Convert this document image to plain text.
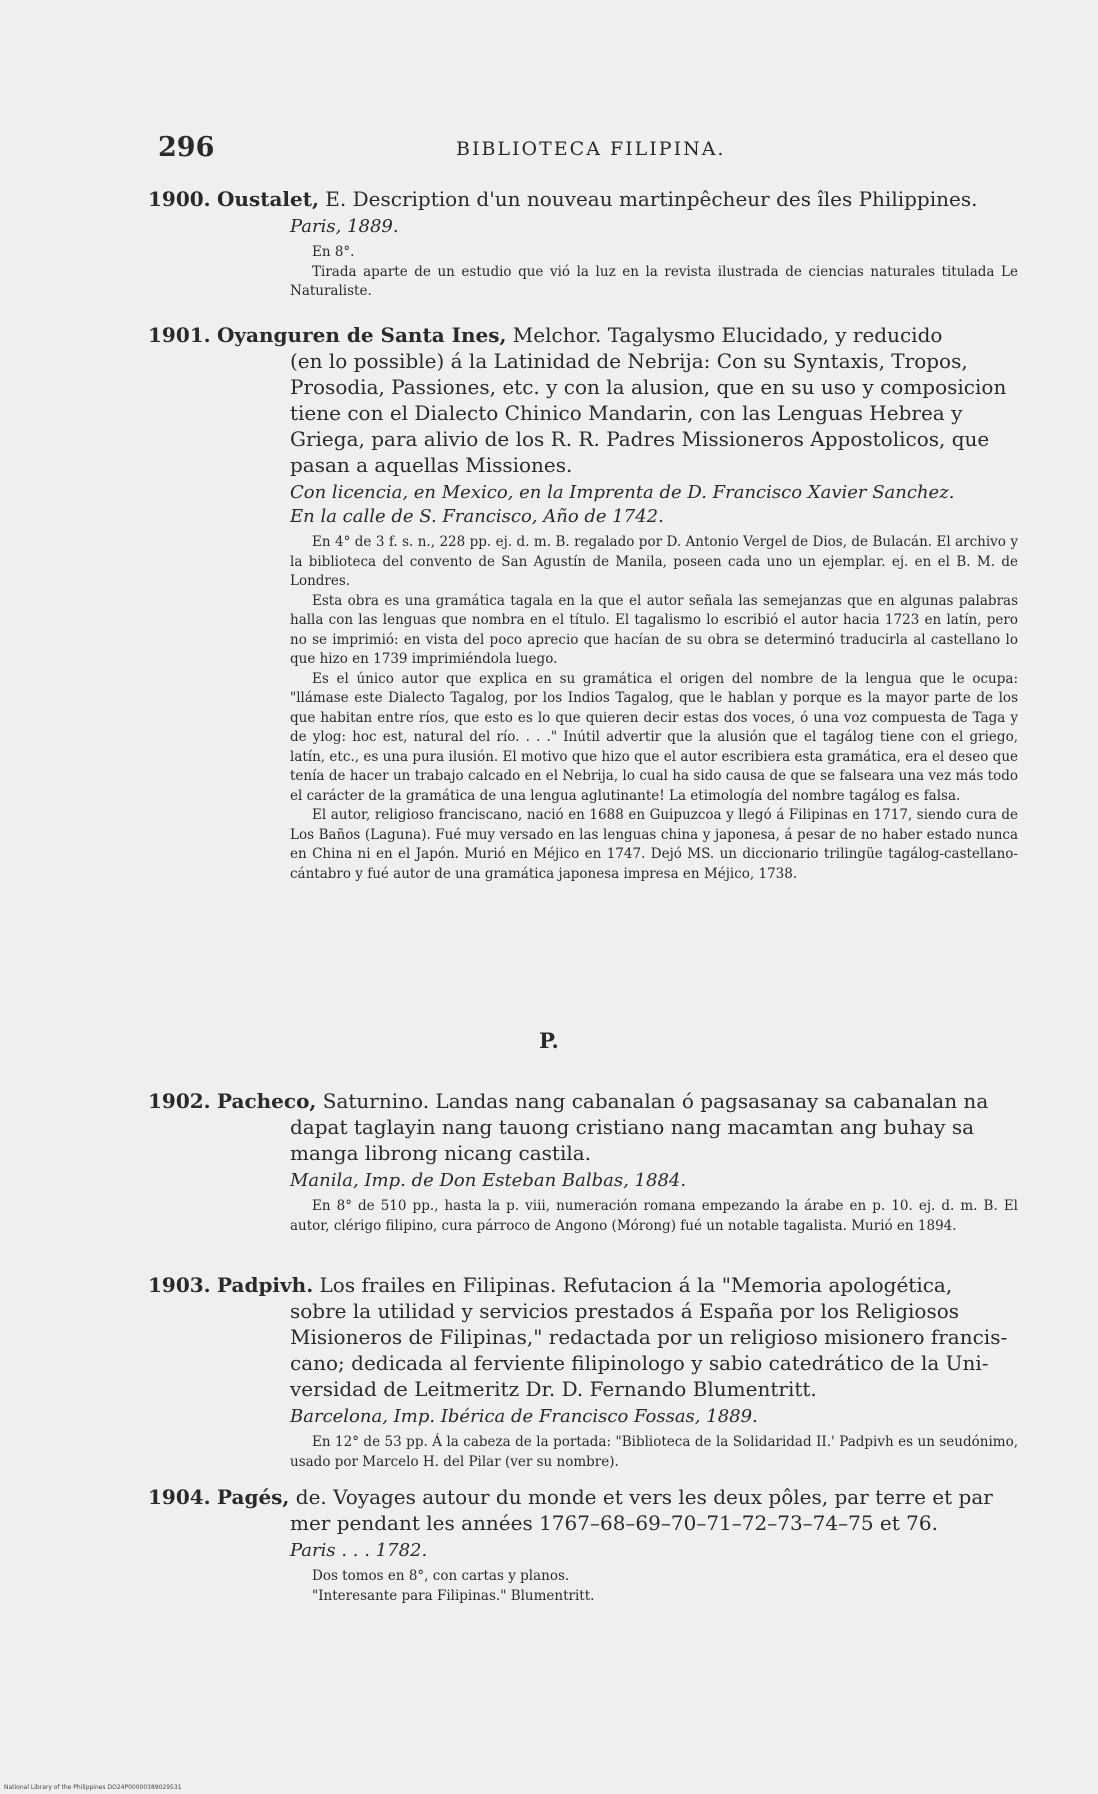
296	BIBLIOTECA FILIPINA.
1900. Oustalet, E. Description d'un nouveau martinpêcheur des îles Philippines.
Paris, 1889.

En 8°.

Tirada aparte de un estudio que vió la luz en la revista ilustrada de ciencias naturales titulada Le Naturaliste.

1901. Oyanguren de Santa Ines, Melchor. Tagalysmo Elucidado, y reducido
(en lo possible) á la Latinidad de Nebrija: Con su Syntaxis, Tropos,
Prosodia, Passiones, etc. y con la alusion, que en su uso y composicion
tiene con el Dialecto Chinico Mandarin, con las Lenguas Hebrea y
Griega, para alivio de los R. R. Padres Missioneros Appostolicos, que
pasan a aquellas Missiones.
Con licencia, en Mexico, en la Imprenta de D. Francisco Xavier Sanchez.
En la calle de S. Francisco, Año de 1742.

En 4° de 3 f. s. n., 228 pp. ej. d. m. B. regalado por D. Antonio Vergel de Dios, de Bulacán. El archivo y la biblioteca del convento de San Agustín de Manila, poseen cada uno un ejemplar. ej. en el B. M. de Londres.

Esta obra es una gramática tagala en la que el autor señala las semejanzas que en algunas palabras halla con las lenguas que nombra en el título. El tagalismo lo escribió el autor hacia 1723 en latín, pero no se imprimió: en vista del poco aprecio que hacían de su obra se determinó traducirla al castellano lo que hizo en 1739 imprimiéndola luego.

Es el único autor que explica en su gramática el origen del nombre de la lengua que le ocupa: "llámase este Dialecto Tagalog, por los Indios Tagalog, que le hablan y porque es la mayor parte de los que habitan entre ríos, que esto es lo que quieren decir estas dos voces, ó una voz compuesta de Taga y de ylog: hoc est, natural del río. . . ." Inútil advertir que la alusión que el tagálog tiene con el griego, latín, etc., es una pura ilusión. El motivo que hizo que el autor escribiera esta gramática, era el deseo que tenía de hacer un trabajo calcado en el Nebrija, lo cual ha sido causa de que se falseara una vez más todo el carácter de la gramática de una lengua aglutinante! La etimología del nombre tagálog es falsa.

El autor, religioso franciscano, nació en 1688 en Guipuzcoa y llegó á Filipinas en 1717, siendo cura de Los Baños (Laguna). Fué muy versado en las lenguas china y japonesa, á pesar de no haber estado nunca en China ni en el Japón. Murió en Méjico en 1747. Dejó MS. un diccionario trilingüe tagálog-castellano-cántabro y fué autor de una gramática japonesa impresa en Méjico, 1738.

P.
1902. Pacheco, Saturnino. Landas nang cabanalan ó pagsasanay sa cabanalan na
dapat taglayin nang tauong cristiano nang macamtan ang buhay sa
manga librong nicang castila.
Manila, Imp. de Don Esteban Balbas, 1884.

En 8° de 510 pp., hasta la p. viii, numeración romana empezando la árabe en p. 10. ej. d. m. B. El autor, clérigo filipino, cura párroco de Angono (Mórong) fué un notable tagalista. Murió en 1894.

1903. Padpivh. Los frailes en Filipinas. Refutacion á la "Memoria apologética,
sobre la utilidad y servicios prestados á España por los Religiosos
Misioneros de Filipinas," redactada por un religioso misionero francis-
cano; dedicada al ferviente filipinologo y sabio catedrático de la Uni-
versidad de Leitmeritz Dr. D. Fernando Blumentritt.
Barcelona, Imp. Ibérica de Francisco Fossas, 1889.

En 12° de 53 pp. Á la cabeza de la portada: "Biblioteca de la Solidaridad II.' Padpivh es un seudónimo, usado por Marcelo H. del Pilar (ver su nombre).

1904. Pagés, de. Voyages autour du monde et vers les deux pôles, par terre et par
mer pendant les années 1767–68–69–70–71–72–73–74–75 et 76.
Paris . . . 1782.

Dos tomos en 8°, con cartas y planos.

"Interesante para Filipinas." Blumentritt.

National Library of the Philippines DO24P00000389029531
